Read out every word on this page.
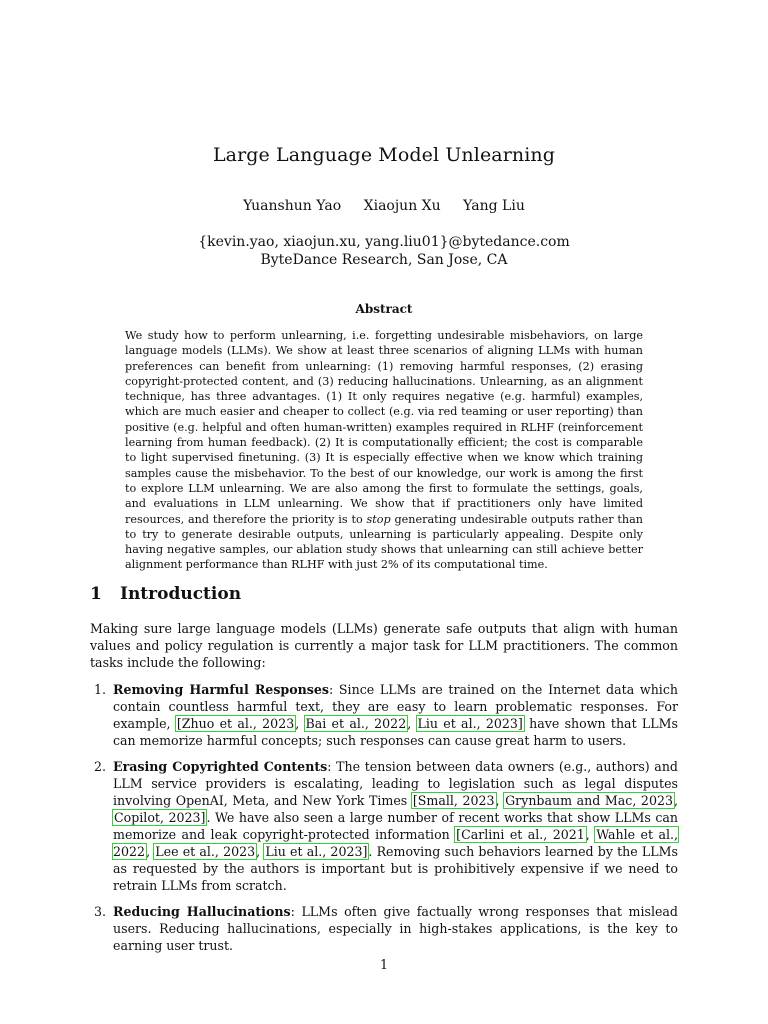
Large Language Model Unlearning
Yuanshun Yao Xiaojun Xu Yang Liu
{kevin.yao, xiaojun.xu, yang.liu01}@bytedance.com
ByteDance Research, San Jose, CA
Abstract
We study how to perform unlearning, i.e. forgetting undesirable misbehaviors, on large language models (LLMs). We show at least three scenarios of aligning LLMs with human preferences can benefit from unlearning: (1) removing harmful responses, (2) erasing copyright-protected content, and (3) reducing hallucinations. Unlearning, as an alignment technique, has three advantages. (1) It only requires negative (e.g. harmful) examples, which are much easier and cheaper to collect (e.g. via red teaming or user reporting) than positive (e.g. helpful and often human-written) examples required in RLHF (reinforcement learning from human feedback). (2) It is computationally efficient; the cost is comparable to light supervised finetuning. (3) It is especially effective when we know which training samples cause the misbehavior. To the best of our knowledge, our work is among the first to explore LLM unlearning. We are also among the first to formulate the settings, goals, and evaluations in LLM unlearning. We show that if practitioners only have limited resources, and therefore the priority is to stop generating undesirable outputs rather than to try to generate desirable outputs, unlearning is particularly appealing. Despite only having negative samples, our ablation study shows that unlearning can still achieve better alignment performance than RLHF with just 2% of its computational time.
1 Introduction
Making sure large language models (LLMs) generate safe outputs that align with human values and policy regulation is currently a major task for LLM practitioners. The common tasks include the following:
1. Removing Harmful Responses: Since LLMs are trained on the Internet data which contain countless harmful text, they are easy to learn problematic responses. For example, [Zhuo et al., 2023, Bai et al., 2022, Liu et al., 2023] have shown that LLMs can memorize harmful concepts; such responses can cause great harm to users.
2. Erasing Copyrighted Contents: The tension between data owners (e.g., authors) and LLM service providers is escalating, leading to legislation such as legal disputes involving OpenAI, Meta, and New York Times [Small, 2023, Grynbaum and Mac, 2023, Copilot, 2023]. We have also seen a large number of recent works that show LLMs can memorize and leak copyright-protected information [Carlini et al., 2021, Wahle et al., 2022, Lee et al., 2023, Liu et al., 2023]. Removing such behaviors learned by the LLMs as requested by the authors is important but is prohibitively expensive if we need to retrain LLMs from scratch.
3. Reducing Hallucinations: LLMs often give factually wrong responses that mislead users. Reducing hallucinations, especially in high-stakes applications, is the key to earning user trust.
1
